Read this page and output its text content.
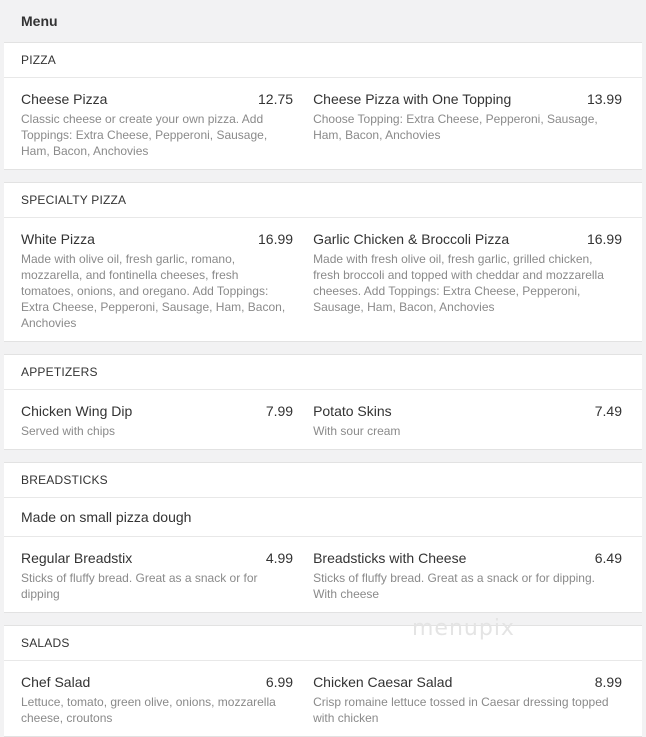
Menu
PIZZA
Cheese Pizza	12.75
Classic cheese or create your own pizza. Add Toppings: Extra Cheese, Pepperoni, Sausage, Ham, Bacon, Anchovies
Cheese Pizza with One Topping	13.99
Choose Topping: Extra Cheese, Pepperoni, Sausage, Ham, Bacon, Anchovies
SPECIALTY PIZZA
White Pizza	16.99
Made with olive oil, fresh garlic, romano, mozzarella, and fontinella cheeses, fresh tomatoes, onions, and oregano. Add Toppings: Extra Cheese, Pepperoni, Sausage, Ham, Bacon, Anchovies
Garlic Chicken & Broccoli Pizza	16.99
Made with fresh olive oil, fresh garlic, grilled chicken, fresh broccoli and topped with cheddar and mozzarella cheeses. Add Toppings: Extra Cheese, Pepperoni, Sausage, Ham, Bacon, Anchovies
APPETIZERS
Chicken Wing Dip	7.99
Served with chips
Potato Skins	7.49
With sour cream
BREADSTICKS
Made on small pizza dough
Regular Breadstix	4.99
Sticks of fluffy bread. Great as a snack or for dipping
Breadsticks with Cheese	6.49
Sticks of fluffy bread. Great as a snack or for dipping. With cheese
SALADS
Chef Salad	6.99
Lettuce, tomato, green olive, onions, mozzarella cheese, croutons
Chicken Caesar Salad	8.99
Crisp romaine lettuce tossed in Caesar dressing topped with chicken
menupix
